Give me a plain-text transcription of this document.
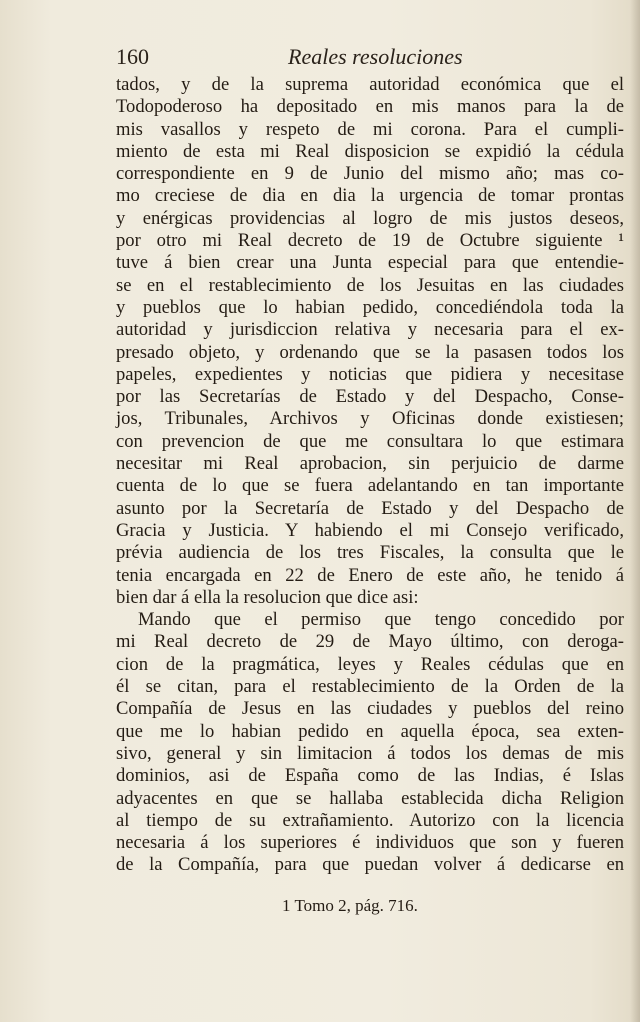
160	Reales resoluciones
tados, y de la suprema autoridad económica que el
Todopoderoso ha depositado en mis manos para la de
mis vasallos y respeto de mi corona. Para el cumpli-
miento de esta mi Real disposicion se expidió la cédula
correspondiente en 9 de Junio del mismo año; mas co-
mo creciese de dia en dia la urgencia de tomar prontas
y enérgicas providencias al logro de mis justos deseos,
por otro mi Real decreto de 19 de Octubre siguiente ¹
tuve á bien crear una Junta especial para que entendie-
se en el restablecimiento de los Jesuitas en las ciudades
y pueblos que lo habian pedido, concediéndola toda la
autoridad y jurisdiccion relativa y necesaria para el ex-
presado objeto, y ordenando que se la pasasen todos los
papeles, expedientes y noticias que pidiera y necesitase
por las Secretarías de Estado y del Despacho, Conse-
jos, Tribunales, Archivos y Oficinas donde existiesen;
con prevencion de que me consultara lo que estimara
necesitar mi Real aprobacion, sin perjuicio de darme
cuenta de lo que se fuera adelantando en tan importante
asunto por la Secretaría de Estado y del Despacho de
Gracia y Justicia. Y habiendo el mi Consejo verificado,
prévia audiencia de los tres Fiscales, la consulta que le
tenia encargada en 22 de Enero de este año, he tenido á
bien dar á ella la resolucion que dice asi:
Mando que el permiso que tengo concedido por
mi Real decreto de 29 de Mayo último, con deroga-
cion de la pragmática, leyes y Reales cédulas que en
él se citan, para el restablecimiento de la Orden de la
Compañía de Jesus en las ciudades y pueblos del reino
que me lo habian pedido en aquella época, sea exten-
sivo, general y sin limitacion á todos los demas de mis
dominios, asi de España como de las Indias, é Islas
adyacentes en que se hallaba establecida dicha Religion
al tiempo de su extrañamiento. Autorizo con la licencia
necesaria á los superiores é individuos que son y fueren
de la Compañía, para que puedan volver á dedicarse en
1 Tomo 2, pág. 716.
